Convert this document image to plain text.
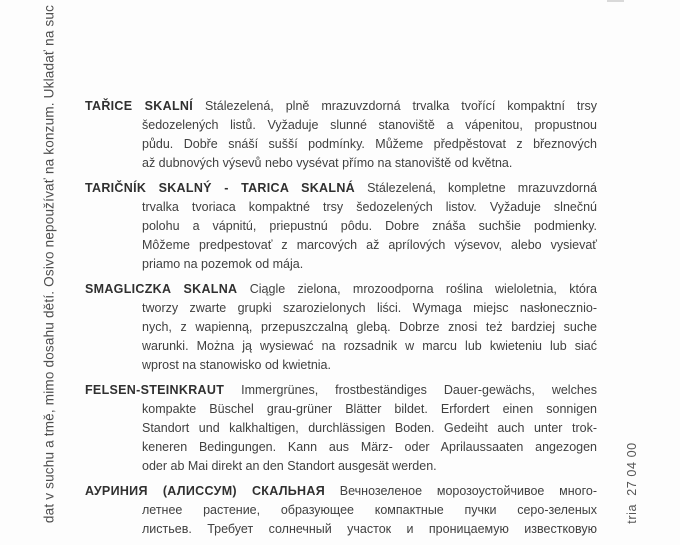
dat v suchu a tmě, mimo dosahu dětí. Osivo nepoužívať na konzum. Ukladať na suc	tria  27 04 00
TAŘICE SKALNÍ Stálezelená, plně mrazuvzdorná trvalka tvořící kompaktní trsy
šedozelených listů. Vyžaduje slunné stanoviště a vápenitou, propustnou
půdu. Dobře snáší sušší podmínky. Můžeme předpěstovat z březnových
až dubnových výsevů nebo vysévat přímo na stanoviště od května.
TARIČNÍK SKALNÝ - TARICA SKALNÁ Stálezelená, kompletne mrazuvzdorná
trvalka tvoriaca kompaktné trsy šedozelených listov. Vyžaduje slnečnú
polohu a vápnitú, priepustnú pôdu. Dobre znáša suchšie podmienky.
Môžeme predpestovať z marcových až aprílových výsevov, alebo vysievať
priamo na pozemok od mája.
SMAGLICZKA SKALNA Ciągle zielona, mrozoodporna roślina wieloletnia, która
tworzy zwarte grupki szarozielonych liści. Wymaga miejsc nasłonecznio-
nych, z wapienną, przepuszczalną glebą. Dobrze znosi też bardziej suche
warunki. Można ją wysiewać na rozsadnik w marcu lub kwieteniu lub siać
wprost na stanowisko od kwietnia.
FELSEN-STEINKRAUT Immergrünes, frostbeständiges Dauer-gewächs, welches
kompakte Büschel grau-grüner Blätter bildet. Erfordert einen sonnigen
Standort und kalkhaltigen, durchlässigen Boden. Gedeiht auch unter trok-
keneren Bedingungen. Kann aus März- oder Aprilaussaaten angezogen
oder ab Mai direkt an den Standort ausgesät werden.
АУРИНИЯ (АЛИССУМ) СКАЛЬНАЯ Вечнозеленое морозоустойчивое много-
летнее растение, образующее компактные пучки серо-зеленых
листьев. Требует солнечный участок и проницаемую известковую
